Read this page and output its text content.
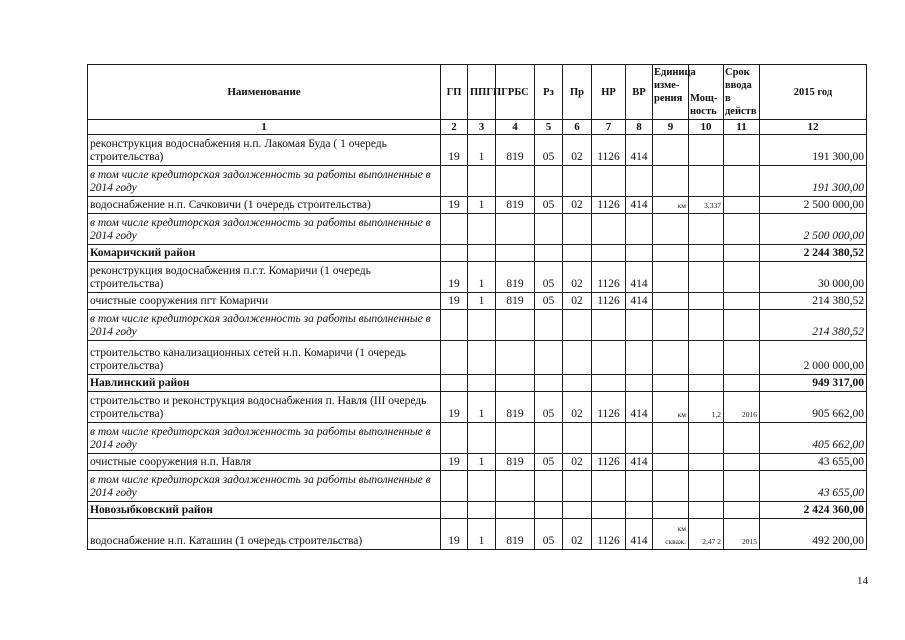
Наименование	ГП	ППГП	ГРБС	Рз	Пр	НР	ВР	Единица изме-рения	Мощ-ность	Срок ввода в действ	2015 год
1	2	3	4	5	6	7	8	9	10	11	12
реконструкция водоснабжения н.п. Лакомая Буда ( 1 очередь строительства)	19	1	819	05	02	1126	414				191 300,00
в том числе кредиторская задолженность за работы выполненные в 2014 году											191 300,00
водоснабжение н.п. Сачковичи (1 очередь строительства)	19	1	819	05	02	1126	414	км	3,337		2 500 000,00
в том числе кредиторская задолженность за работы выполненные в 2014 году											2 500 000,00
Комаричский район											2 244 380,52
реконструкция водоснабжения п.г.т. Комаричи (1 очередь строительства)	19	1	819	05	02	1126	414				30 000,00
очистные сооружения пгт Комаричи	19	1	819	05	02	1126	414				214 380,52
в том числе кредиторская задолженность за работы выполненные в 2014 году											214 380,52
строительство канализационных сетей н.п. Комаричи (1 очередь строительства)											2 000 000,00
Навлинский район											949 317,00
строительство и реконструкция водоснабжения п. Навля (III очередь строительства)	19	1	819	05	02	1126	414	км	1,2	2016	905 662,00
в том числе кредиторская задолженность за работы выполненные в 2014 году											405 662,00
очистные сооружения н.п. Навля	19	1	819	05	02	1126	414				43 655,00
в том числе кредиторская задолженность за работы выполненные в 2014 году											43 655,00
Новозыбковский район											2 424 360,00
водоснабжение н.п. Каташин (1 очередь строительства)	19	1	819	05	02	1126	414	км скваж.	2,47 2	2015	492 200,00
14
